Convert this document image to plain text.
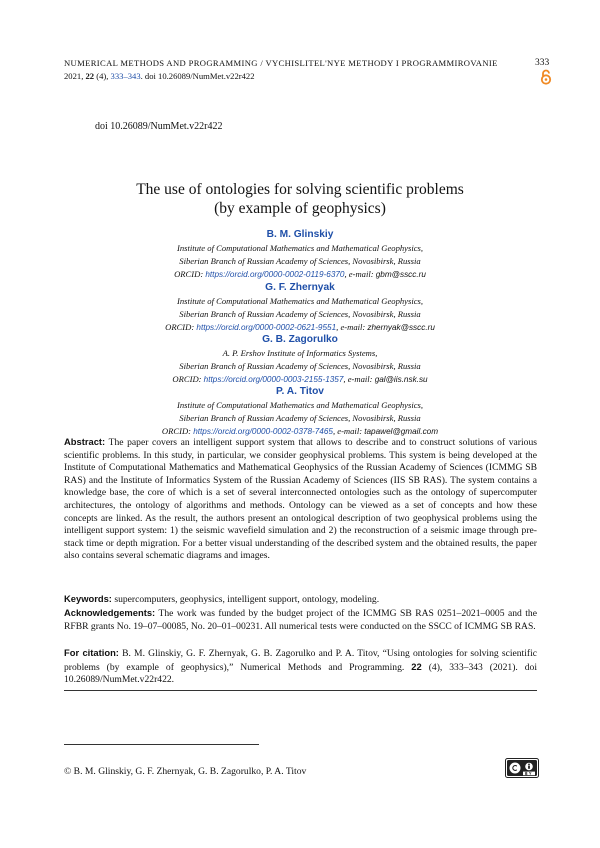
NUMERICAL METHODS AND PROGRAMMING / VYCHISLITEL'NYE METHODY I PROGRAMMIROVANIE	333
2021, 22 (4), 333–343. doi 10.26089/NumMet.v22r422
doi 10.26089/NumMet.v22r422
The use of ontologies for solving scientific problems
(by example of geophysics)
B. M. Glinskiy
Institute of Computational Mathematics and Mathematical Geophysics,
Siberian Branch of Russian Academy of Sciences, Novosibirsk, Russia
ORCID: https://orcid.org/0000-0002-0119-6370, e-mail: gbm@sscc.ru
G. F. Zhernyak
Institute of Computational Mathematics and Mathematical Geophysics,
Siberian Branch of Russian Academy of Sciences, Novosibirsk, Russia
ORCID: https://orcid.org/0000-0002-0621-9551, e-mail: zhernyak@sscc.ru
G. B. Zagorulko
A. P. Ershov Institute of Informatics Systems,
Siberian Branch of Russian Academy of Sciences, Novosibirsk, Russia
ORCID: https://orcid.org/0000-0003-2155-1357, e-mail: gal@iis.nsk.su
P. A. Titov
Institute of Computational Mathematics and Mathematical Geophysics,
Siberian Branch of Russian Academy of Sciences, Novosibirsk, Russia
ORCID: https://orcid.org/0000-0002-0378-7465, e-mail: tapawel@gmail.com
Abstract: The paper covers an intelligent support system that allows to describe and to construct solutions of various scientific problems. In this study, in particular, we consider geophysical problems. This system is being developed at the Institute of Computational Mathematics and Mathematical Geophysics of the Russian Academy of Sciences (ICMMG SB RAS) and the Institute of Informatics System of the Russian Academy of Sciences (IIS SB RAS). The system contains a knowledge base, the core of which is a set of several interconnected ontologies such as the ontology of supercomputer architectures, the ontology of algorithms and methods. Ontology can be viewed as a set of concepts and how these concepts are linked. As the result, the authors present an ontological description of two geophysical problems using the intelligent support system: 1) the seismic wavefield simulation and 2) the reconstruction of a seismic image through pre-stack time or depth migration. For a better visual understanding of the described system and the obtained results, the paper also contains several schematic diagrams and images.
Keywords: supercomputers, geophysics, intelligent support, ontology, modeling.
Acknowledgements: The work was funded by the budget project of the ICMMG SB RAS 0251–2021–0005 and the RFBR grants No. 19–07–00085, No. 20–01–00231. All numerical tests were conducted on the SSCC of ICMMG SB RAS.
For citation: B. M. Glinskiy, G. F. Zhernyak, G. B. Zagorulko and P. A. Titov, “Using ontologies for solving scientific problems (by example of geophysics),” Numerical Methods and Programming. 22 (4), 333–343 (2021). doi 10.26089/NumMet.v22r422.
© B. M. Glinskiy, G. F. Zhernyak, G. B. Zagorulko, P. A. Titov
